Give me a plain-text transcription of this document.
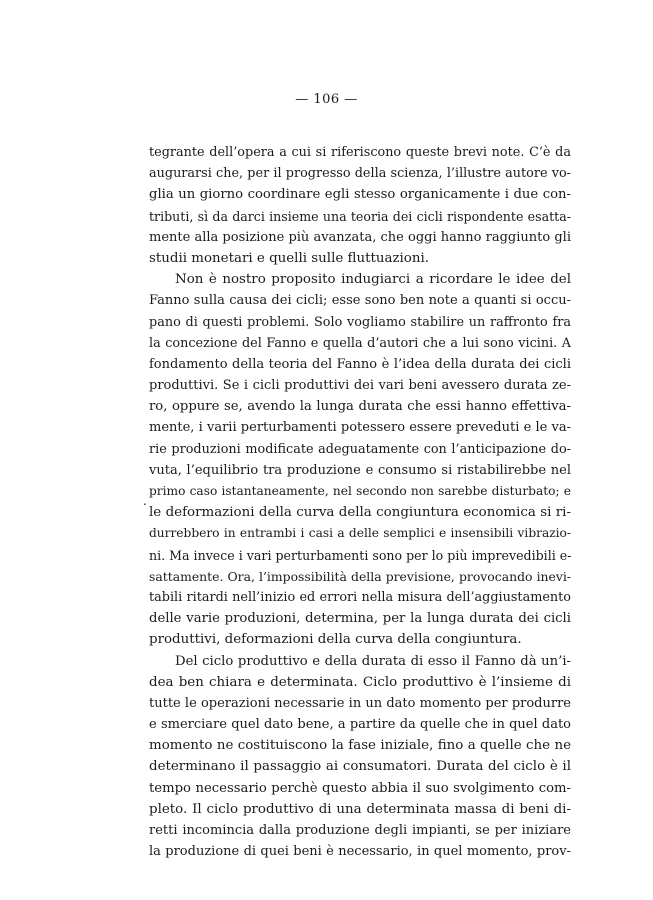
— 106 —
.
tegrante dell’opera a cui si riferiscono queste brevi note. C’è da
augurarsi che, per il progresso della scienza, l’illustre autore vo-
glia un giorno coordinare egli stesso organicamente i due con-
tributi, sì da darci insieme una teoria dei cicli rispondente esatta-
mente alla posizione più avanzata, che oggi hanno raggiunto gli
studii monetari e quelli sulle fluttuazioni.
Non è nostro proposito indugiarci a ricordare le idee del
Fanno sulla causa dei cicli; esse sono ben note a quanti si occu-
pano di questi problemi. Solo vogliamo stabilire un raffronto fra
la concezione del Fanno e quella d’autori che a lui sono vicini. A
fondamento della teoria del Fanno è l’idea della durata dei cicli
produttivi. Se i cicli produttivi dei vari beni avessero durata ze-
ro, oppure se, avendo la lunga durata che essi hanno effettiva-
mente, i varii perturbamenti potessero essere preveduti e le va-
rie produzioni modificate adeguatamente con l’anticipazione do-
vuta, l’equilibrio tra produzione e consumo si ristabilirebbe nel
primo caso istantaneamente, nel secondo non sarebbe disturbato; e
le deformazioni della curva della congiuntura economica si ri-
durrebbero in entrambi i casi a delle semplici e insensibili vibrazio-
ni. Ma invece i vari perturbamenti sono per lo più imprevedibili e-
sattamente. Ora, l’impossibilità della previsione, provocando inevi-
tabili ritardi nell’inizio ed errori nella misura dell’aggiustamento
delle varie produzioni, determina, per la lunga durata dei cicli
produttivi, deformazioni della curva della congiuntura.
Del ciclo produttivo e della durata di esso il Fanno dà un’i-
dea ben chiara e determinata. Ciclo produttivo è l’insieme di
tutte le operazioni necessarie in un dato momento per produrre
e smerciare quel dato bene, a partire da quelle che in quel dato
momento ne costituiscono la fase iniziale, fino a quelle che ne
determinano il passaggio ai consumatori. Durata del ciclo è il
tempo necessario perchè questo abbia il suo svolgimento com-
pleto. Il ciclo produttivo di una determinata massa di beni di-
retti incomincia dalla produzione degli impianti, se per iniziare
la produzione di quei beni è necessario, in quel momento, prov-
